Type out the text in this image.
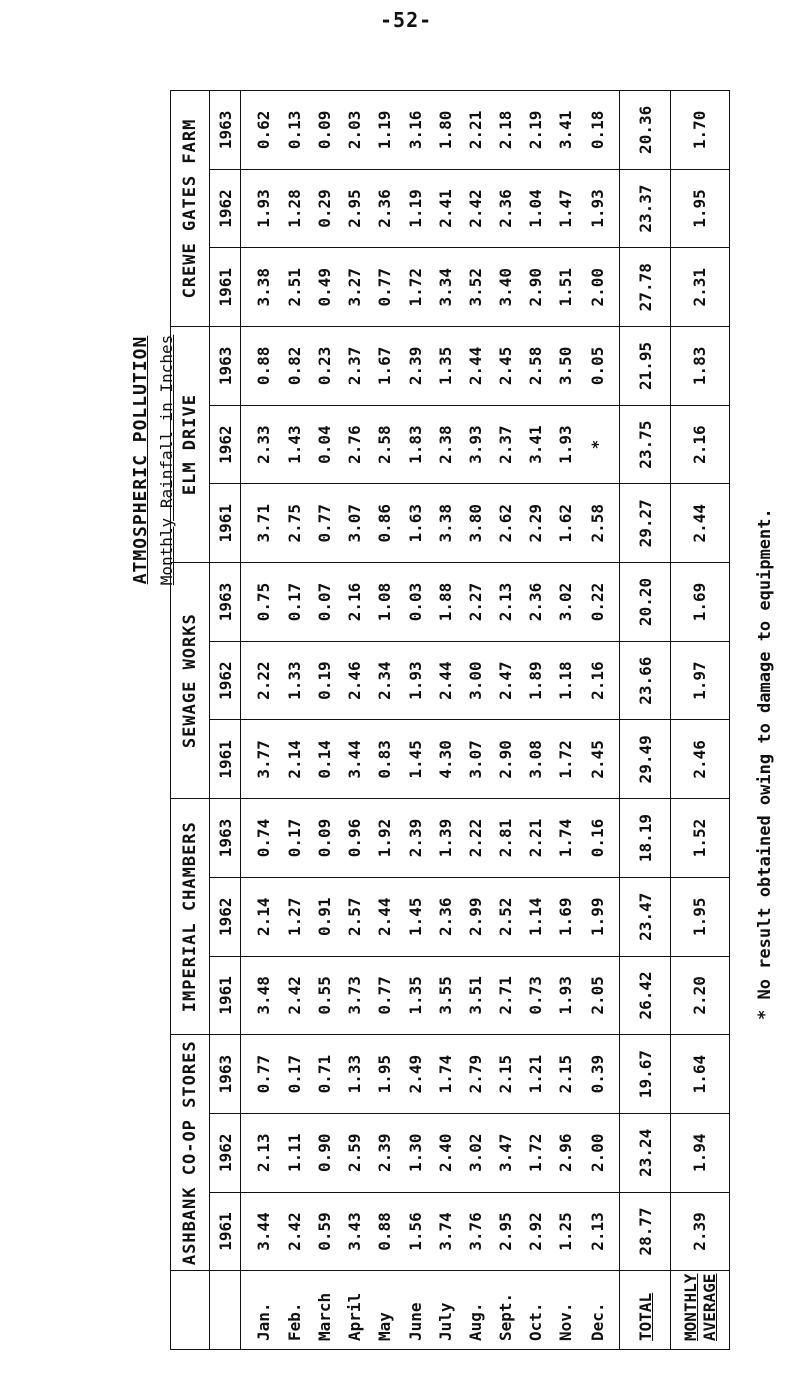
-52-
ATMOSPHERIC POLLUTION Monthly Rainfall in Inches
* No result obtained owing to damage to equipment.
	ASHBANK CO-OP STORES			IMPERIAL CHAMBERS			SEWAGE WORKS			ELM DRIVE			CREWE GATES FARM		
	1961	1962	1963	1961	1962	1963	1961	1962	1963	1961	1962	1963	1961	1962	1963
Jan.	3.44	2.13	0.77	3.48	2.14	0.74	3.77	2.22	0.75	3.71	2.33	0.88	3.38	1.93	0.62
Feb.	2.42	1.11	0.17	2.42	1.27	0.17	2.14	1.33	0.17	2.75	1.43	0.82	2.51	1.28	0.13
March	0.59	0.90	0.71	0.55	0.91	0.09	0.14	0.19	0.07	0.77	0.04	0.23	0.49	0.29	0.09
April	3.43	2.59	1.33	3.73	2.57	0.96	3.44	2.46	2.16	3.07	2.76	2.37	3.27	2.95	2.03
May	0.88	2.39	1.95	0.77	2.44	1.92	0.83	2.34	1.08	0.86	2.58	1.67	0.77	2.36	1.19
June	1.56	1.30	2.49	1.35	1.45	2.39	1.45	1.93	0.03	1.63	1.83	2.39	1.72	1.19	3.16
July	3.74	2.40	1.74	3.55	2.36	1.39	4.30	2.44	1.88	3.38	2.38	1.35	3.34	2.41	1.80
Aug.	3.76	3.02	2.79	3.51	2.99	2.22	3.07	3.00	2.27	3.80	3.93	2.44	3.52	2.42	2.21
Sept.	2.95	3.47	2.15	2.71	2.52	2.81	2.90	2.47	2.13	2.62	2.37	2.45	3.40	2.36	2.18
Oct.	2.92	1.72	1.21	0.73	1.14	2.21	3.08	1.89	2.36	2.29	3.41	2.58	2.90	1.04	2.19
Nov.	1.25	2.96	2.15	1.93	1.69	1.74	1.72	1.18	3.02	1.62	1.93	3.50	1.51	1.47	3.41
Dec.	2.13	2.00	0.39	2.05	1.99	0.16	2.45	2.16	0.22	2.58	*	0.05	2.00	1.93	0.18
TOTAL	28.77	23.24	19.67	26.42	23.47	18.19	29.49	23.66	20.20	29.27	23.75	21.95	27.78	23.37	20.36
MONTHLY AVERAGE	2.39	1.94	1.64	2.20	1.95	1.52	2.46	1.97	1.69	2.44	2.16	1.83	2.31	1.95	1.70
